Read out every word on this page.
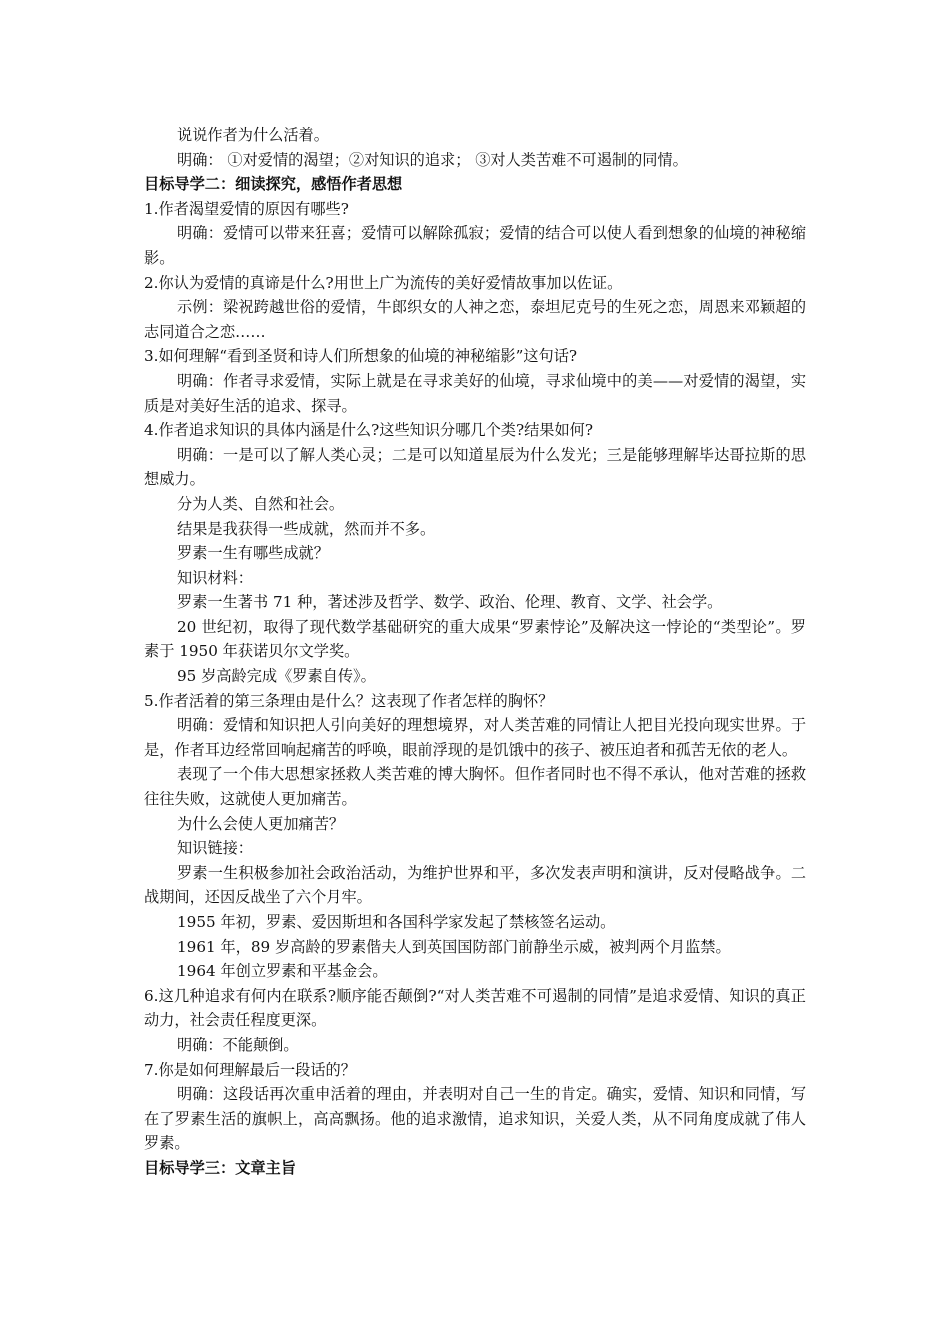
说说作者为什么活着。

明确： ①对爱情的渴望；②对知识的追求； ③对人类苦难不可遏制的同情。

目标导学二：细读探究，感悟作者思想

1.作者渴望爱情的原因有哪些?

明确：爱情可以带来狂喜；爱情可以解除孤寂；爱情的结合可以使人看到想象的仙境的神秘缩影。

2.你认为爱情的真谛是什么?用世上广为流传的美好爱情故事加以佐证。

示例：梁祝跨越世俗的爱情，牛郎织女的人神之恋，泰坦尼克号的生死之恋，周恩来邓颖超的志同道合之恋……

3.如何理解“看到圣贤和诗人们所想象的仙境的神秘缩影”这句话?

明确：作者寻求爱情，实际上就是在寻求美好的仙境，寻求仙境中的美——对爱情的渴望，实质是对美好生活的追求、探寻。

4.作者追求知识的具体内涵是什么?这些知识分哪几个类?结果如何?

明确：一是可以了解人类心灵；二是可以知道星辰为什么发光；三是能够理解毕达哥拉斯的思想威力。

分为人类、自然和社会。

结果是我获得一些成就，然而并不多。

罗素一生有哪些成就？

知识材料：

罗素一生著书 71 种，著述涉及哲学、数学、政治、伦理、教育、文学、社会学。

20 世纪初，取得了现代数学基础研究的重大成果“罗素悖论”及解决这一悖论的“类型论”。罗素于 1950 年获诺贝尔文学奖。

95 岁高龄完成《罗素自传》。

5.作者活着的第三条理由是什么？这表现了作者怎样的胸怀？

明确：爱情和知识把人引向美好的理想境界，对人类苦难的同情让人把目光投向现实世界。于是，作者耳边经常回响起痛苦的呼唤，眼前浮现的是饥饿中的孩子、被压迫者和孤苦无依的老人。

表现了一个伟大思想家拯救人类苦难的博大胸怀。但作者同时也不得不承认，他对苦难的拯救往往失败，这就使人更加痛苦。

为什么会使人更加痛苦？

知识链接：

罗素一生积极参加社会政治活动，为维护世界和平，多次发表声明和演讲，反对侵略战争。二战期间，还因反战坐了六个月牢。

1955 年初，罗素、爱因斯坦和各国科学家发起了禁核签名运动。

1961 年，89 岁高龄的罗素偕夫人到英国国防部门前静坐示威，被判两个月监禁。

1964 年创立罗素和平基金会。

6.这几种追求有何内在联系?顺序能否颠倒?“对人类苦难不可遏制的同情”是追求爱情、知识的真正动力，社会责任程度更深。

明确：不能颠倒。

7.你是如何理解最后一段话的？

明确：这段话再次重申活着的理由，并表明对自己一生的肯定。确实，爱情、知识和同情，写在了罗素生活的旗帜上，高高飘扬。他的追求激情，追求知识，关爱人类，从不同角度成就了伟人罗素。

目标导学三：文章主旨
